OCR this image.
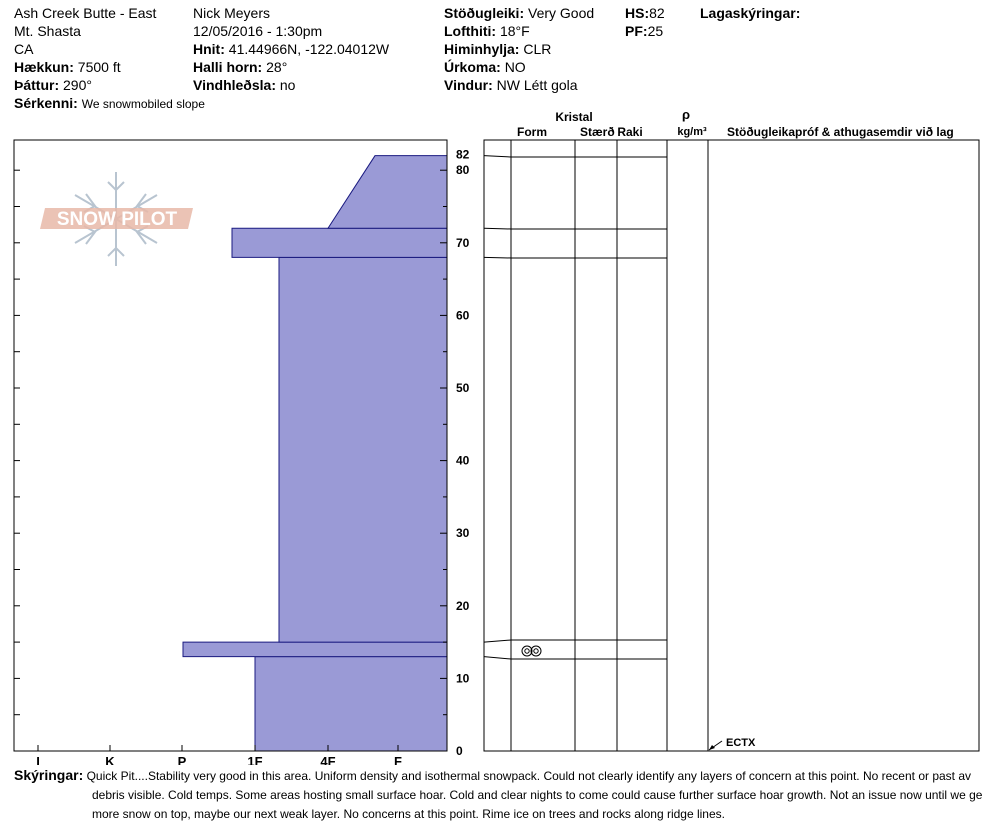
Ash Creek Butte - East
Mt. Shasta
CA
Hækkun: 7500 ft
Þáttur: 290°
Sérkenni: We snowmobiled slope
Nick Meyers
12/05/2016 - 1:30pm
Hnit: 41.44966N, -122.04012W
Halli horn: 28°
Vindhleðsla: no
Stöðugleiki: Very Good
Lofthiti: 18°F
Himinhylja: CLR
Úrkoma: NO
Vindur: NW Létt gola
HS:82
PF:25
Lagaskýringar:
SNOW PILOT
0
10
20
30
40
50
60
70
80
82
I	K	P	1F	4F	F
Kristal
Form	Stærð Raki
ρ
kg/m³ Stöðugleikapróf & athugasemdir við lag
ECTX
Skýringar: Quick Pit....Stability very good in this area. Uniform density and isothermal snowpack. Could not clearly identify any layers of concern at this point. No recent or past av
debris visible. Cold temps. Some areas hosting small surface hoar. Cold and clear nights to come could cause further surface hoar growth. Not an issue now until we ge
more snow on top, maybe our next weak layer. No concerns at this point. Rime ice on trees and rocks along ridge lines.
